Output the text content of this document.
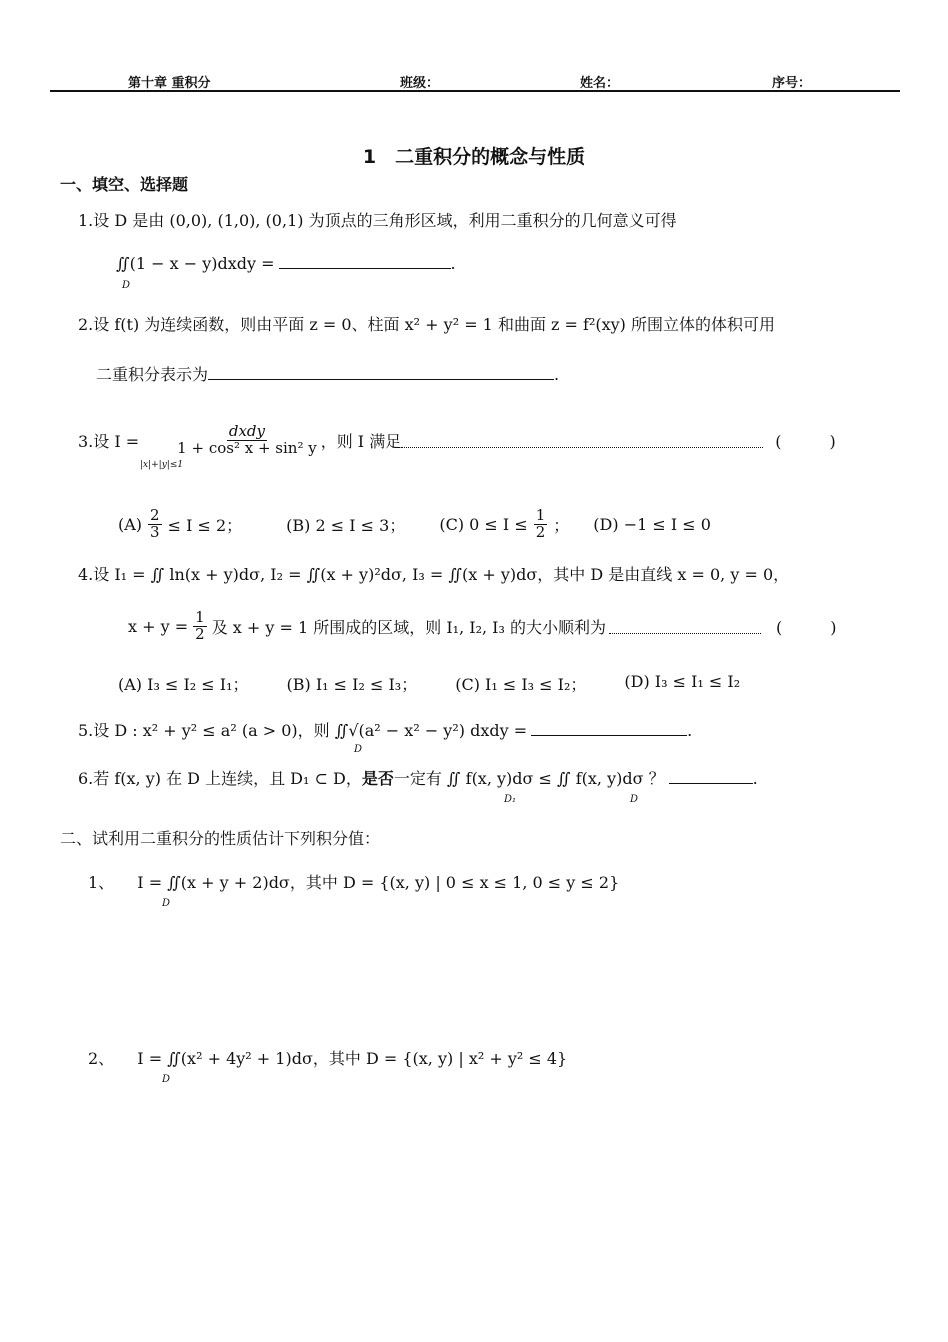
第十章 重积分	班级：	姓名：	序号：
1　二重积分的概念与性质
一、填空、选择题
1.设 D 是由 (0,0), (1,0), (0,1) 为顶点的三角形区域，利用二重积分的几何意义可得
∬(1 − x − y)dxdy =	.
D
2.设 f(t) 为连续函数，则由平面 z = 0、柱面 x² + y² = 1 和曲面 z = f²(xy) 所围立体的体积可用
二重积分表示为	.
3.设 $I = \frac{\text{dxdy}}{\text{1 + cos² x + sin² y}}$ ，则 I 满足	(　　　)
|x|+|y|≤1
$(A) \frac{2}{3} \le I \le 2$；	(B) 2 ≤ I ≤ 3； (C) $0 \le I \le \frac{1}{2}$ ； (D) −1 ≤ I ≤ 0
4.设 I₁ = ∬ ln(x + y)dσ, I₂ = ∬(x + y)²dσ, I₃ = ∬(x + y)dσ，其中 D 是由直线 x = 0, y = 0，
$x + y = \frac{1}{2}$ 及 x + y = 1 所围成的区域，则 I₁, I₂, I₃ 的大小顺利为	(　　　)
(A) I₃ ≤ I₂ ≤ I₁； (B) I₁ ≤ I₂ ≤ I₃； (C) I₁ ≤ I₃ ≤ I₂； (D) I₃ ≤ I₁ ≤ I₂
5.设 D : x² + y² ≤ a² (a > 0)，则 ∬√(a² − x² − y²) dxdy =	.
D
6.若 f(x, y) 在 D 上连续，且 D₁ ⊂ D，是否一定有 ∬ f(x, y)dσ ≤ ∬ f(x, y)dσ ？	.
D₁	D
二、试利用二重积分的性质估计下列积分值：
1、 I = ∬(x + y + 2)dσ，其中 D = {(x, y) | 0 ≤ x ≤ 1, 0 ≤ y ≤ 2}
D
2、 I = ∬(x² + 4y² + 1)dσ，其中 D = {(x, y) | x² + y² ≤ 4}
D
